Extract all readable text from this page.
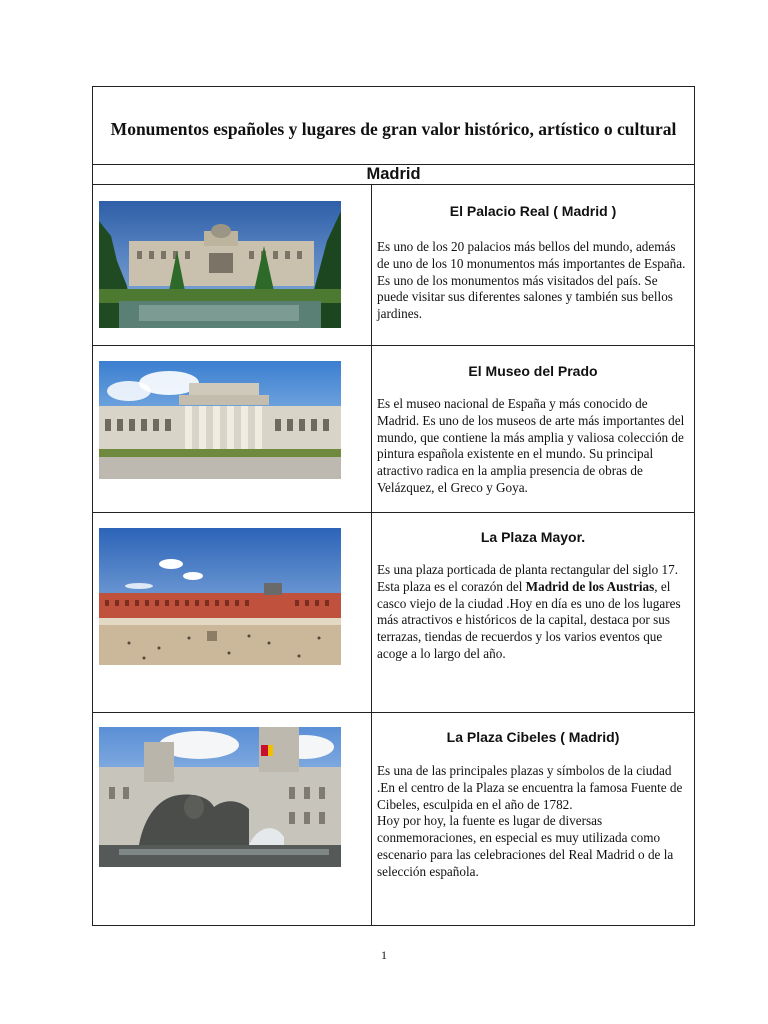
Monumentos españoles y lugares de gran valor histórico, artístico o cultural
Madrid
El Palacio Real ( Madrid )

Es uno de los 20 palacios más bellos del mundo, además de uno de los 10 monumentos más importantes de España.

Es uno de los monumentos más visitados del país. Se puede visitar sus diferentes salones y también sus bellos jardines.

El Museo del Prado

Es el museo nacional de España y más conocido de Madrid. Es uno de los museos de arte más importantes del mundo, que contiene la más amplia y valiosa colección de pintura española existente en el mundo. Su principal atractivo radica en la amplia presencia de obras de Velázquez, el Greco y Goya.

La Plaza Mayor.

Es una plaza porticada de planta rectangular del siglo 17.

Esta plaza es el corazón del Madrid de los Austrias, el casco viejo de la ciudad .Hoy en día es uno de los lugares más atractivos e históricos de la capital, destaca por sus terrazas, tiendas de recuerdos y los varios eventos que acoge a lo largo del año.

La Plaza Cibeles ( Madrid)

Es una de las principales plazas y símbolos de la ciudad .En el centro de la Plaza se encuentra la famosa Fuente de Cibeles, esculpida en el año de 1782.

Hoy por hoy, la fuente es lugar de diversas conmemoraciones, en especial es muy utilizada como escenario para las celebraciones del Real Madrid o de la selección española.

1
